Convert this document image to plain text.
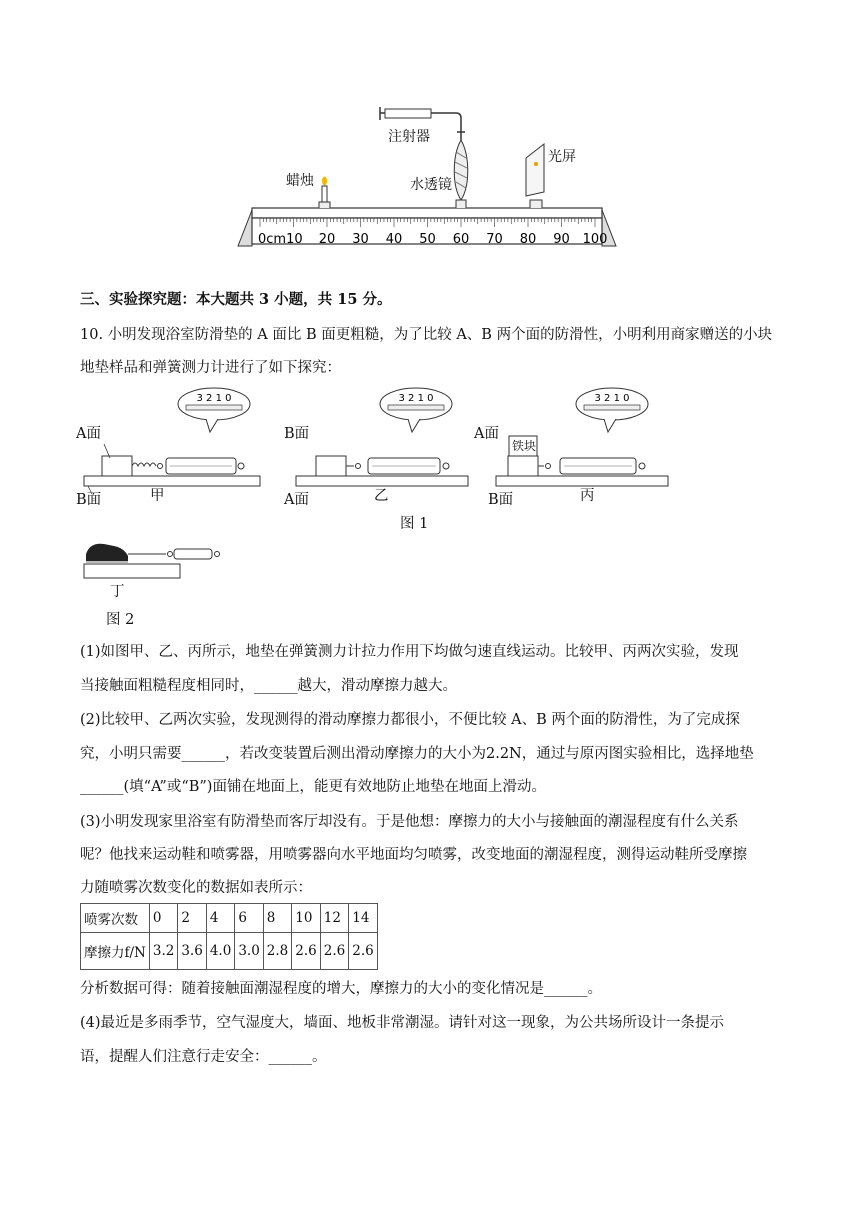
0cm10 20 30 40 50 60 70 80 90 100
注射器
光屏
蜡烛	水透镜
三、实验探究题：本大题共 3 小题，共 15 分。
10. 小明发现浴室防滑垫的 A 面比 B 面更粗糙，为了比较 A、B 两个面的防滑性，小明利用商家赠送的小块
地垫样品和弹簧测力计进行了如下探究：
3 2 1 0
A面
B面	甲
3 2 1 0
B面
A面	乙
3 2 1 0
A面
铁块
B面	丙
图 1
丁
图 2
(1)如图甲、乙、丙所示，地垫在弹簧测力计拉力作用下均做匀速直线运动。比较甲、丙两次实验，发现
当接触面粗糙程度相同时，______越大，滑动摩擦力越大。
(2)比较甲、乙两次实验，发现测得的滑动摩擦力都很小，不便比较 A、B 两个面的防滑性，为了完成探
究，小明只需要______，若改变装置后测出滑动摩擦力的大小为2.2N，通过与原丙图实验相比，选择地垫
______(填“A”或“B”)面铺在地面上，能更有效地防止地垫在地面上滑动。
(3)小明发现家里浴室有防滑垫而客厅却没有。于是他想：摩擦力的大小与接触面的潮湿程度有什么关系
呢？他找来运动鞋和喷雾器，用喷雾器向水平地面均匀喷雾，改变地面的潮湿程度，测得运动鞋所受摩擦
力随喷雾次数变化的数据如表所示：
喷雾次数	0	2	4	6	8	10	12	14
摩擦力f/N	3.2	3.6	4.0	3.0	2.8	2.6	2.6	2.6
分析数据可得：随着接触面潮湿程度的增大，摩擦力的大小的变化情况是______。
(4)最近是多雨季节，空气湿度大，墙面、地板非常潮湿。请针对这一现象，为公共场所设计一条提示
语，提醒人们注意行走安全：______。
